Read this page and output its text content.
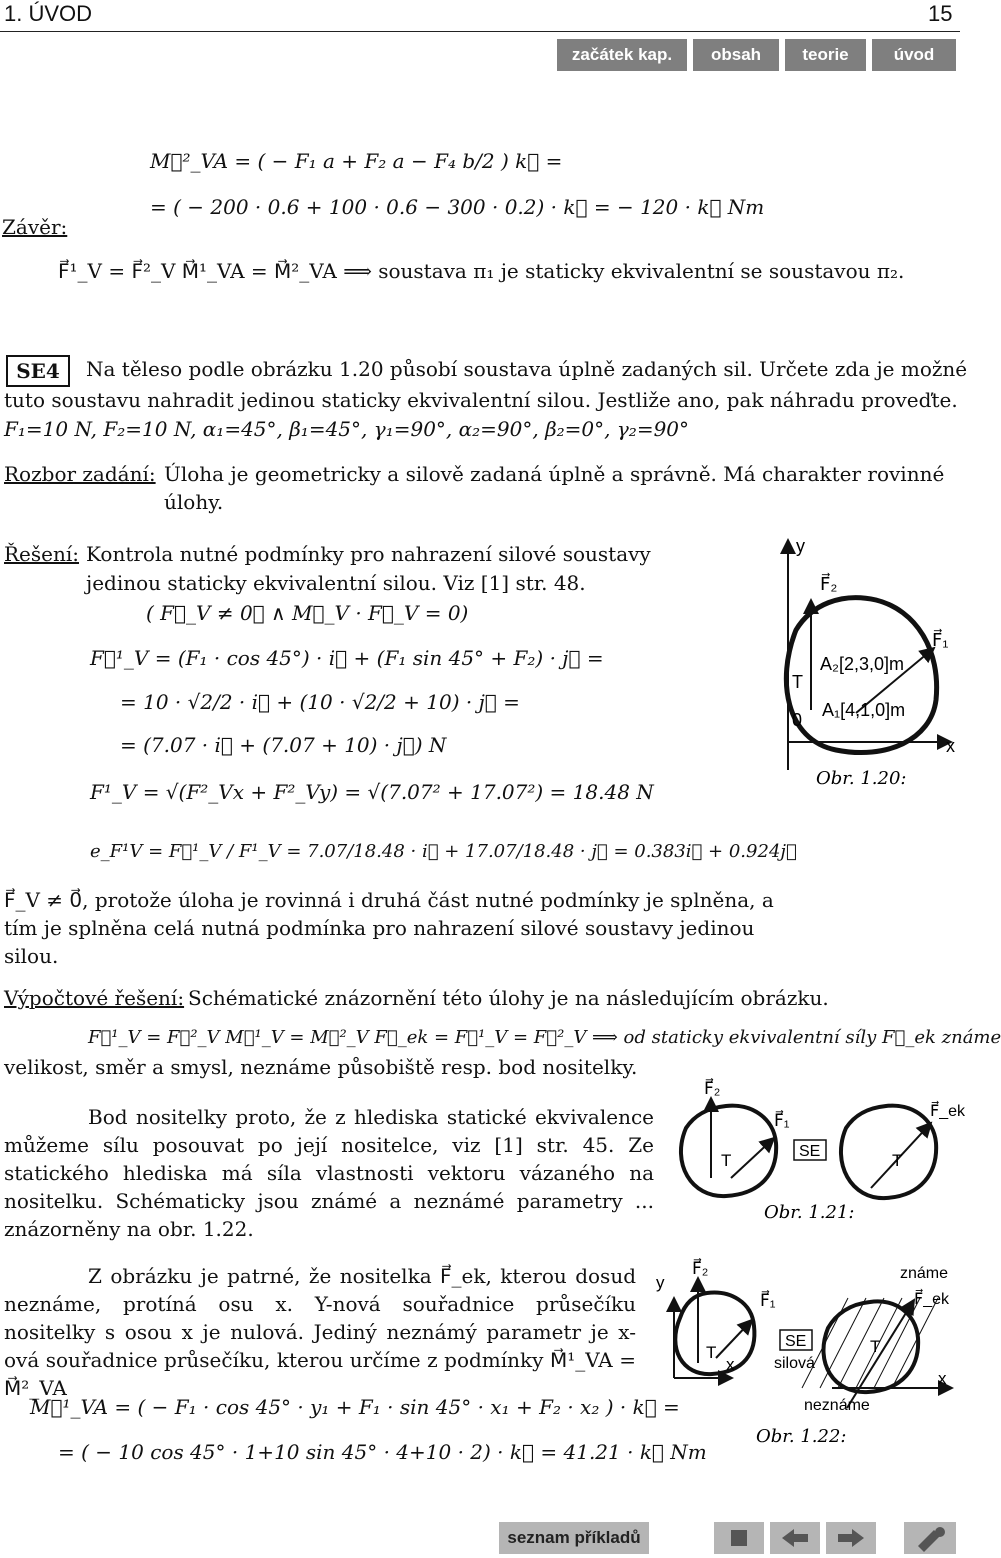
1. ÚVOD	15
začátek kap.	obsah	teorie	úvod
M⃗²_VA = ( − F₁ a + F₂ a − F₄ b/2 ) k⃗ =
= ( − 200 · 0.6 + 100 · 0.6 − 300 · 0.2) · k⃗ = − 120 · k⃗ Nm
Závěr:
F⃗¹_V = F⃗²_V M⃗¹_VA = M⃗²_VA ⟹ soustava π₁ je staticky ekvivalentní se soustavou π₂.
SE4	Na těleso podle obrázku 1.20 působí soustava úplně zadaných sil. Určete zda je možné
tuto soustavu nahradit jedinou staticky ekvivalentní silou. Jestliže ano, pak náhradu proveďte.
F₁=10 N, F₂=10 N, α₁=45°, β₁=45°, γ₁=90°, α₂=90°, β₂=0°, γ₂=90°
Rozbor zadání: Úloha je geometricky a silově zadaná úplně a správně. Má charakter rovinné
úlohy.
Řešení: Kontrola nutné podmínky pro nahrazení silové soustavy
jedinou staticky ekvivalentní silou. Viz [1] str. 48.
( F⃗_V ≠ 0⃗ ∧ M⃗_V · F⃗_V = 0)
F⃗¹_V = (F₁ · cos 45°) · i⃗ + (F₁ sin 45° + F₂) · j⃗ =
= 10 · √2/2 · i⃗ + (10 · √2/2 + 10) · j⃗ =
= (7.07 · i⃗ + (7.07 + 10) · j⃗) N
F¹_V = √(F²_Vx + F²_Vy) = √(7.07² + 17.07²) = 18.48 N
e_F¹V = F⃗¹_V / F¹_V = 7.07/18.48 · i⃗ + 17.07/18.48 · j⃗ = 0.383i⃗ + 0.924j⃗
F⃗_V ≠ 0⃗, protože úloha je rovinná i druhá část nutné podmínky je splněna, a
tím je splněna celá nutná podmínka pro nahrazení silové soustavy jedinou
silou.
Výpočtové řešení: Schématické znázornění této úlohy je na následujícím obrázku.
F⃗¹_V = F⃗²_V M⃗¹_V = M⃗²_V F⃗_ek = F⃗¹_V = F⃗²_V ⟹ od staticky ekvivalentní síly F⃗_ek známe
velikost, směr a smysl, neznáme působiště resp. bod nositelky.
Bod nositelky proto, že z hlediska statické ekvivalence můžeme sílu posouvat po její nositelce, viz [1] str. 45. Ze statického hlediska má síla vlastnosti vektoru vázaného na nositelku. Schématicky jsou známé a neznámé parametry ... znázorněny na obr. 1.22.
Z obrázku je patrné, že nositelka F⃗_ek, kterou dosud neznáme, protíná osu x. Y-nová souřadnice průsečíku nositelky s osou x je nulová. Jediný neznámý parametr je x-ová souřadnice průsečíku, kterou určíme z podmínky M⃗¹_VA = M⃗²_VA
M⃗¹_VA = ( − F₁ · cos 45° · y₁ + F₁ · sin 45° · x₁ + F₂ · x₂ ) · k⃗ =
= ( − 10 cos 45° · 1+10 sin 45° · 4+10 · 2) · k⃗ = 41.21 · k⃗ Nm
y
x
0
F⃗₂
F⃗₁
T
A₂[2,3,0]m
A₁[4,1,0]m
Obr. 1.20:
F⃗₂
F⃗₁
T	SE	T
F⃗_ek
Obr. 1.21:
y
F⃗₂
F⃗₁
T
x
SE
silová
známe
F⃗_ek
T
x
neznáme
Obr. 1.22:
seznam příkladů
